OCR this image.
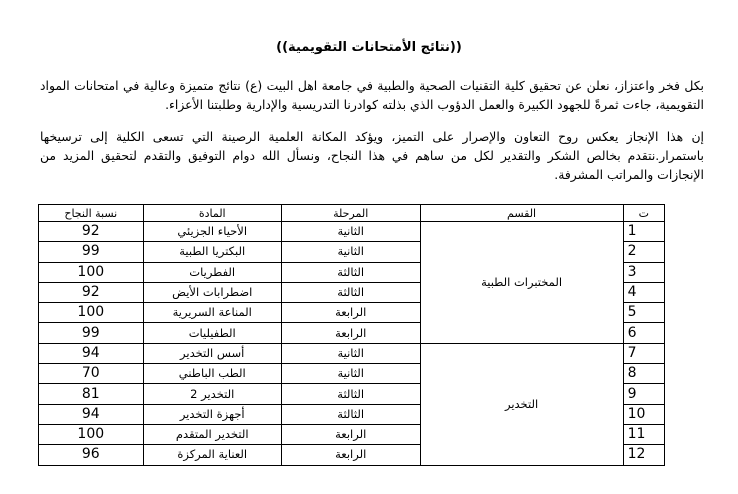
((نتائج الأمتحانات التقويمية))

بكل فخر واعتزاز، نعلن عن تحقيق كلية التقنيات الصحية والطبية في جامعة اهل البيت (ع) نتائج متميزة وعالية في امتحانات المواد التقويمية، جاءت ثمرةً للجهود الكبيرة والعمل الدؤوب الذي بذلته كوادرنا التدريسية والإدارية وطلبتنا الأعزاء.

إن هذا الإنجاز يعكس روح التعاون والإصرار على التميز، ويؤكد المكانة العلمية الرصينة التي تسعى الكلية إلى ترسيخها باستمرار.نتقدم بخالص الشكر والتقدير لكل من ساهم في هذا النجاح، ونسأل الله دوام التوفيق والتقدم لتحقيق المزيد من الإنجازات والمراتب المشرفة.

ت	القسم	المرحلة	المادة	نسبة النجاح
1	المختبرات الطبية	الثانية	الأحياء الجزيئي	92
2		الثانية	البكتريا الطبية	99
3		الثالثة	الفطريات	100
4		الثالثة	اضطرابات الأيض	92
5		الرابعة	المناعة السريرية	100
6		الرابعة	الطفيليات	99
7	التخدير	الثانية	أسس التخدير	94
8		الثانية	الطب الباطني	70
9		الثالثة	التخدير 2	81
10		الثالثة	أجهزة التخدير	94
11		الرابعة	التخدير المتقدم	100
12		الرابعة	العناية المركزة	96
